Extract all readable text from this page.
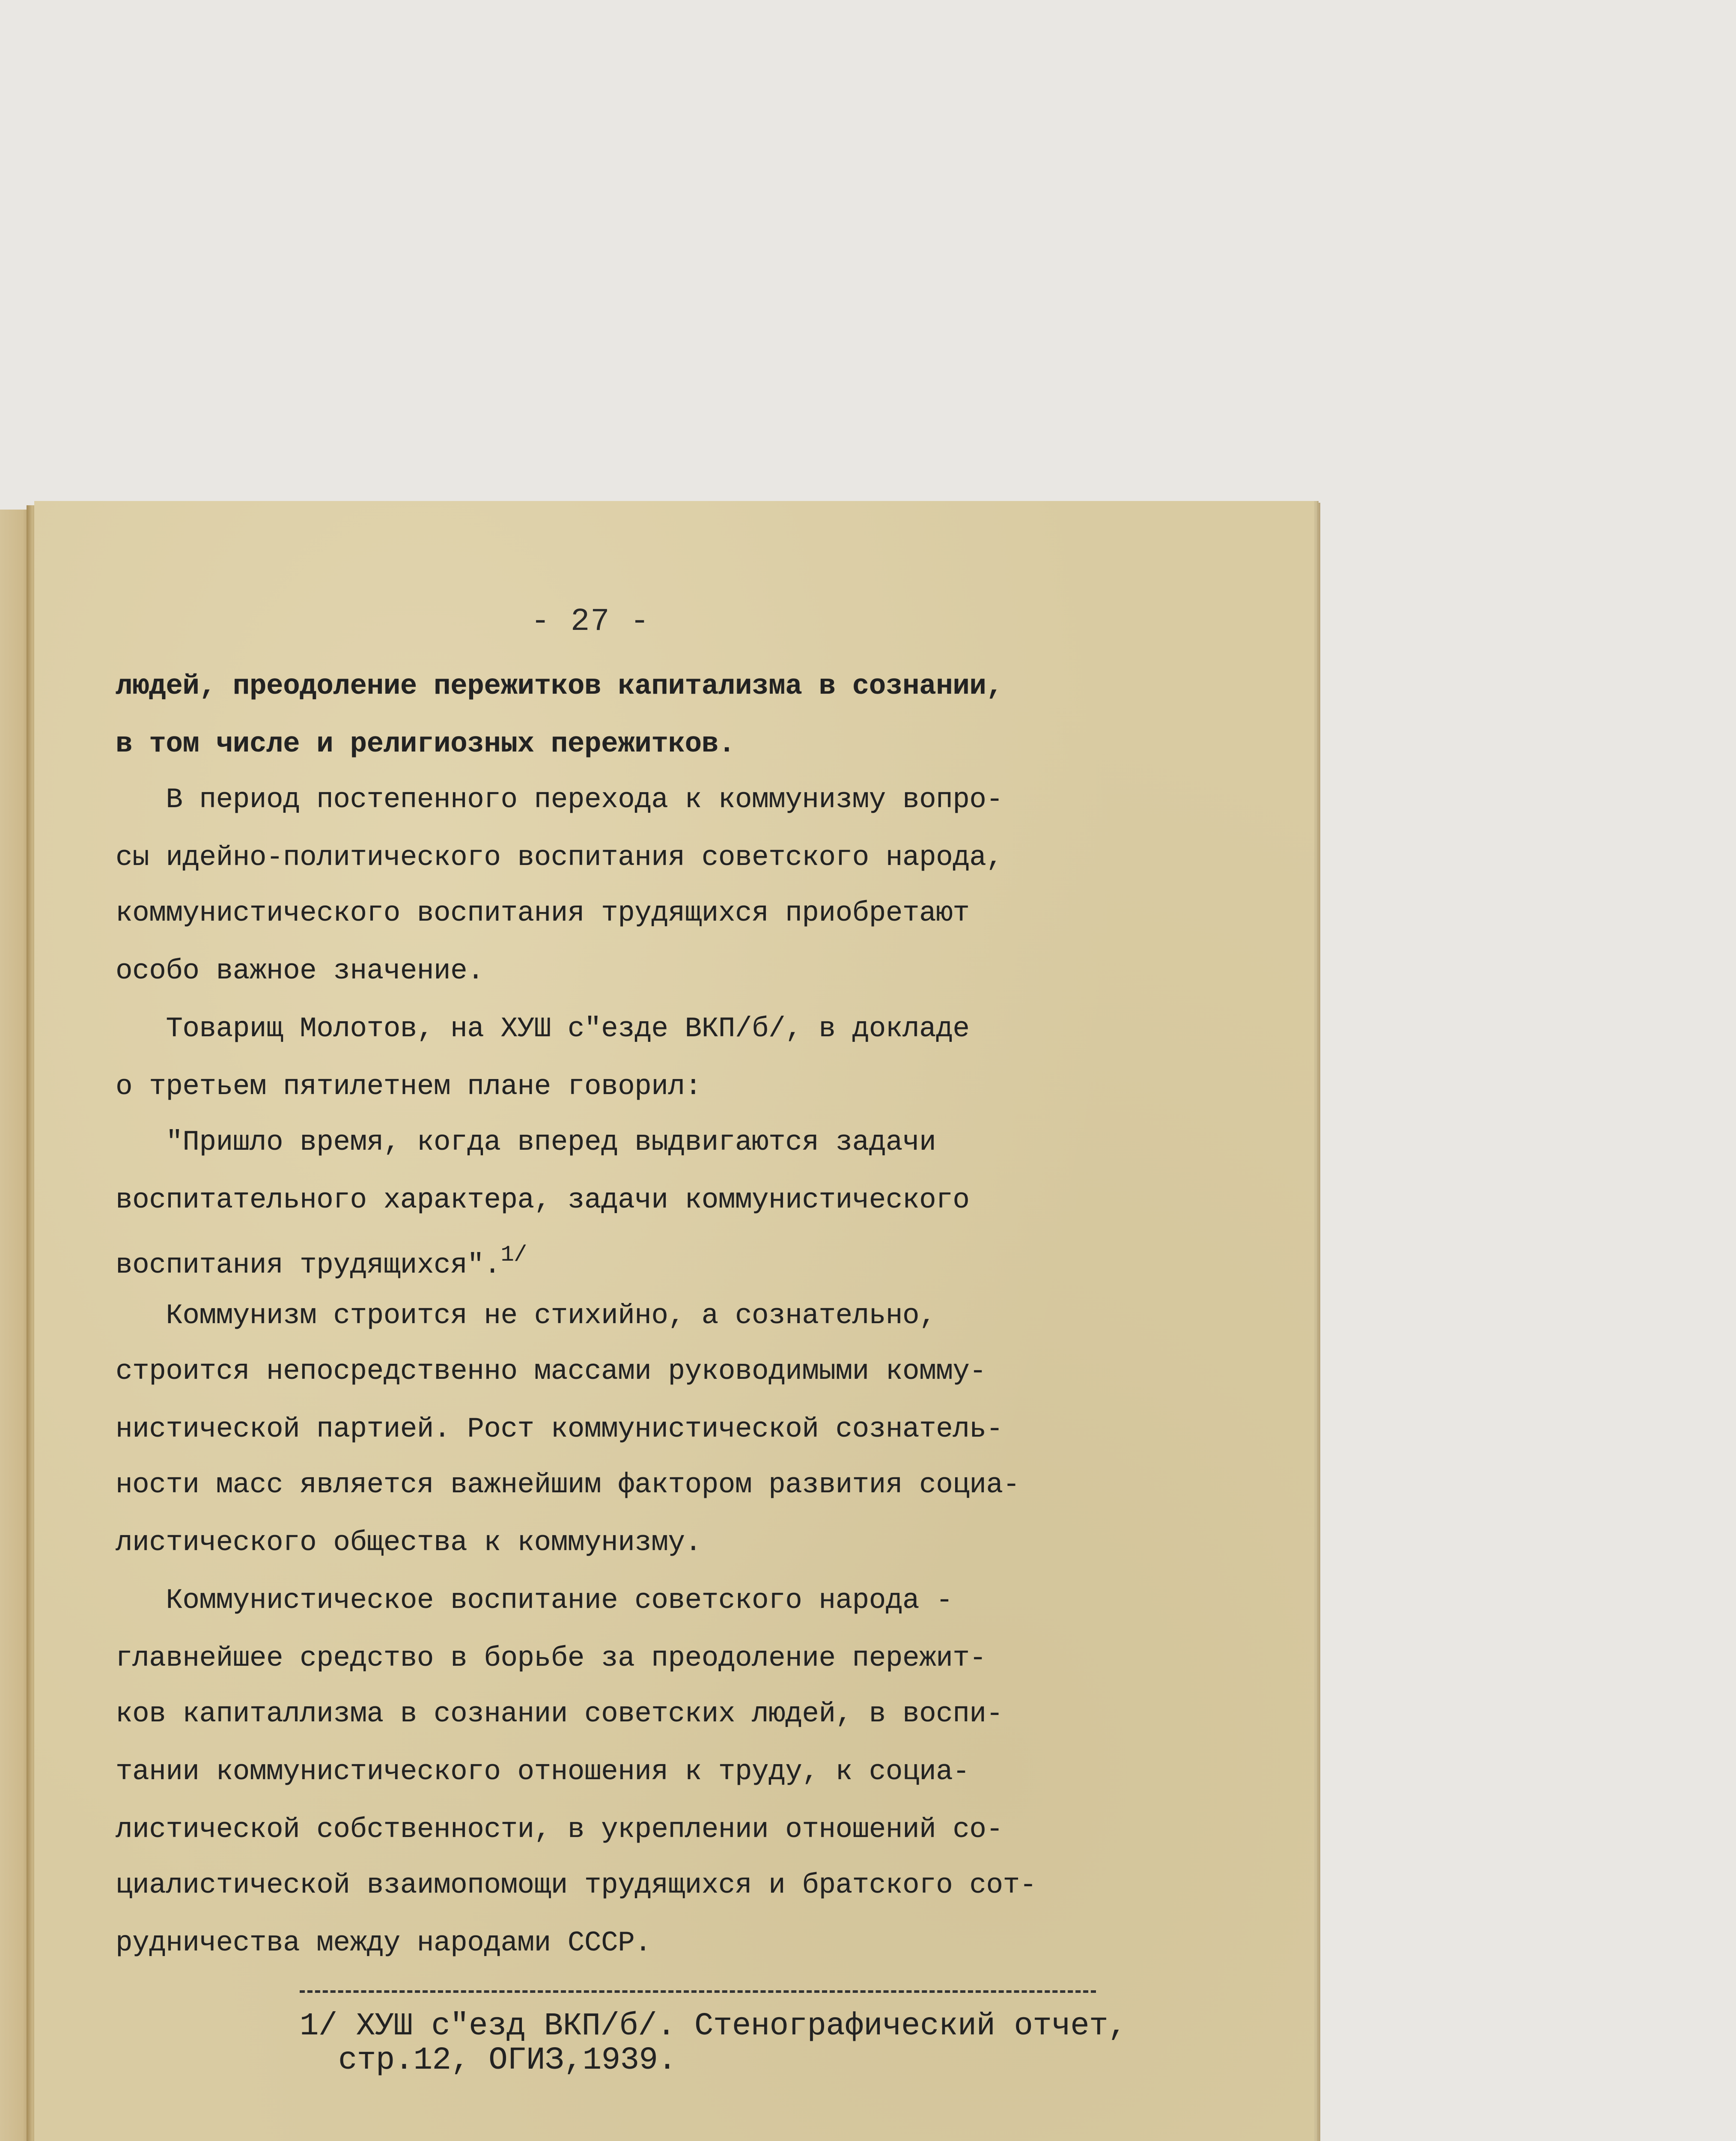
- 27 -
людей, преодоление пережитков капитализма в сознании,
в том числе и религиозных пережитков.
В период постепенного перехода к коммунизму вопро-
сы идейно-политического воспитания советского народа,
коммунистического воспитания трудящихся приобретают
особо важное значение.
Товарищ Молотов, на ХУШ с"езде ВКП/б/, в докладе
о третьем пятилетнем плане говорил:
"Пришло время, когда вперед выдвигаются задачи
воспитательного характера, задачи коммунистического
воспитания трудящихся".$^{1/}$
Коммунизм строится не стихийно, а сознательно,
строится непосредственно массами руководимыми комму-
нистической партией. Рост коммунистической сознатель-
ности масс является важнейшим фактором развития социа-
листического общества к коммунизму.
Коммунистическое воспитание советского народа -
главнейшее средство в борьбе за преодоление пережит-
ков капиталлизма в сознании советских людей, в воспи-
тании коммунистического отношения к труду, к социа-
листической собственности, в укреплении отношений со-
циалистической взаимопомощи трудящихся и братского сот-
рудничества между народами СССР.
1/ ХУШ с"езд ВКП/б/. Стенографический отчет,
стр.12, ОГИЗ,1939.
